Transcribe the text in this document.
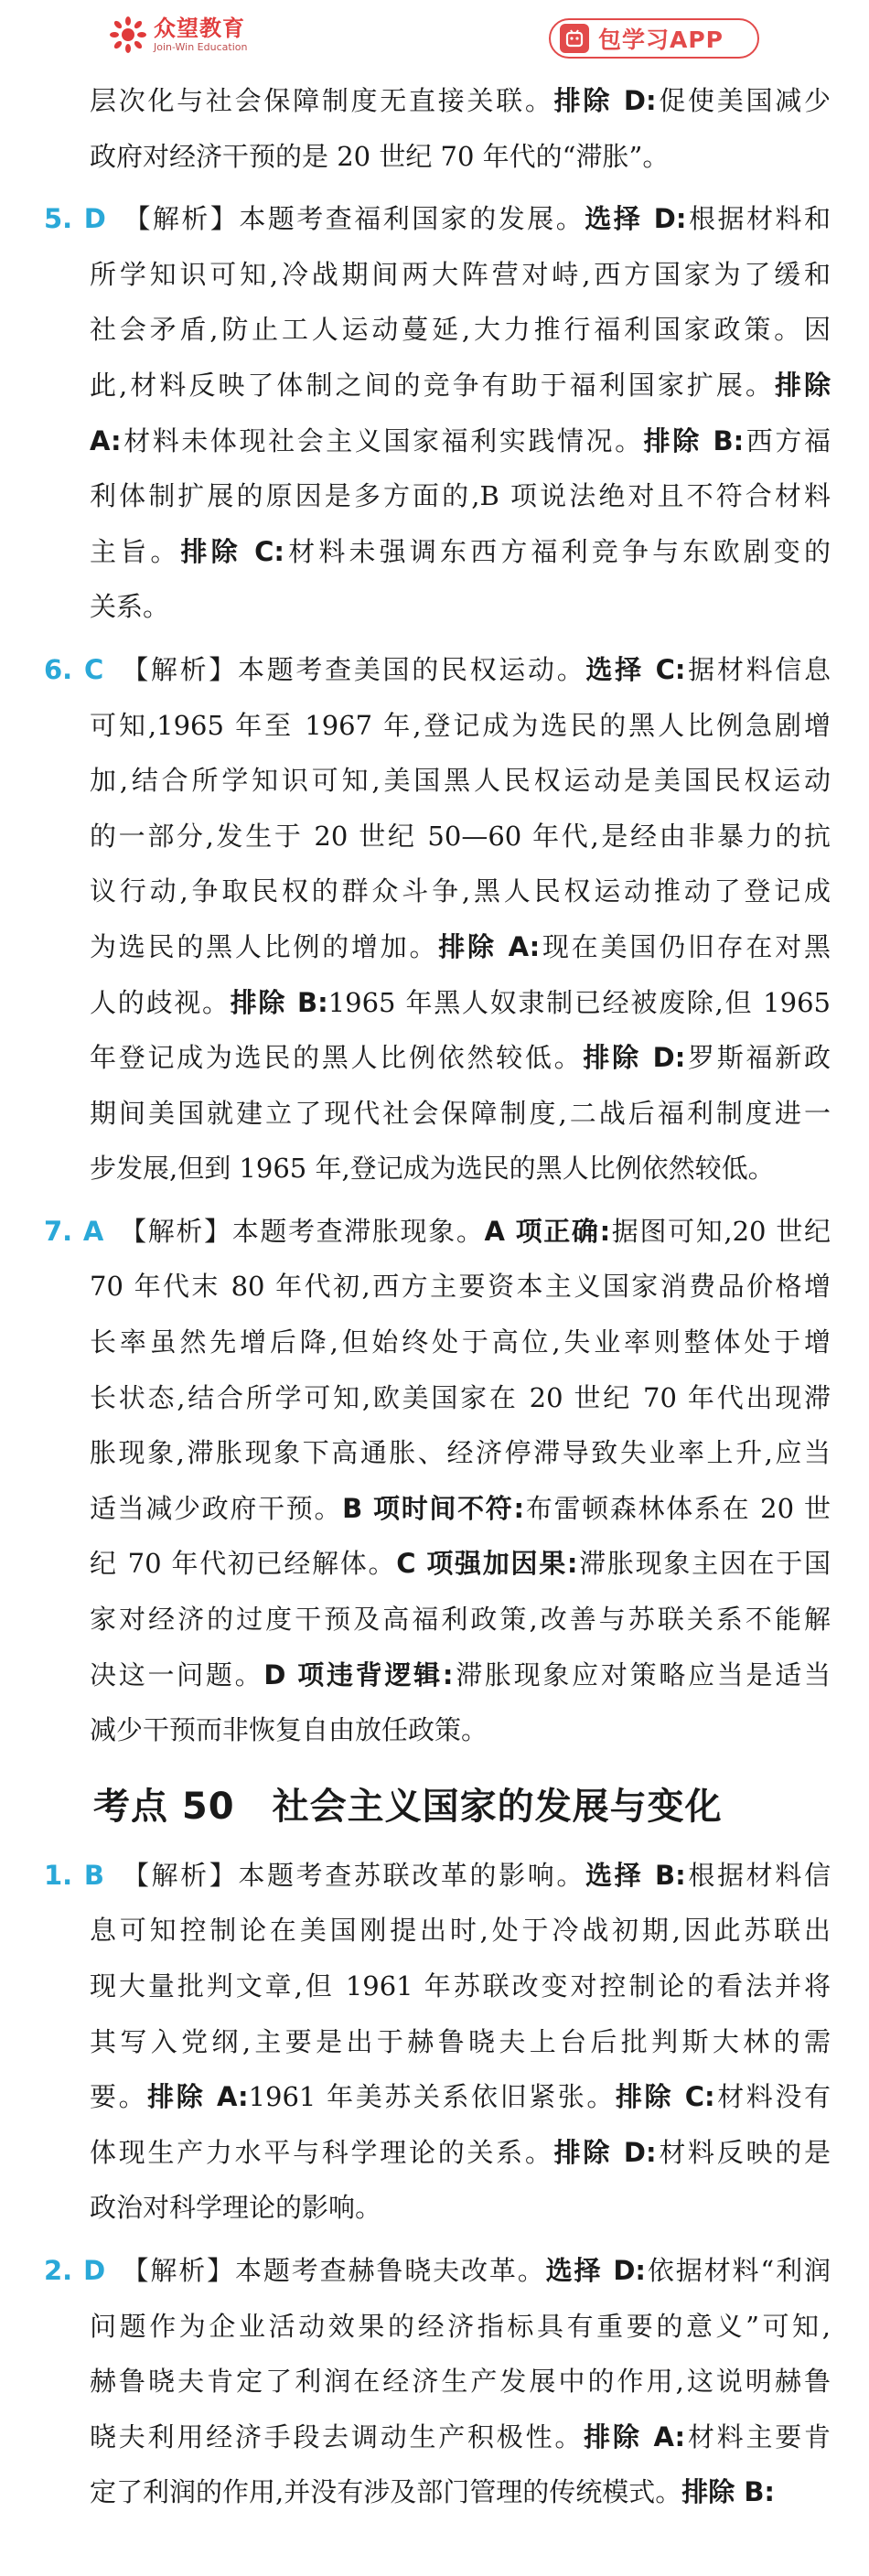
众望教育
Join-Win Education	包学习APP
层次化与社会保障制度无直接关联。排除 D:促使美国减少
政府对经济干预的是 20 世纪 70 年代的“滞胀”。
5. D　【解析】本题考查福利国家的发展。选择 D:根据材料和
所学知识可知,冷战期间两大阵营对峙,西方国家为了缓和
社会矛盾,防止工人运动蔓延,大力推行福利国家政策。因
此,材料反映了体制之间的竞争有助于福利国家扩展。排除
A:材料未体现社会主义国家福利实践情况。排除 B:西方福
利体制扩展的原因是多方面的,B 项说法绝对且不符合材料
主旨。排除 C:材料未强调东西方福利竞争与东欧剧变的
关系。
6. C　【解析】本题考查美国的民权运动。选择 C:据材料信息
可知,1965 年至 1967 年,登记成为选民的黑人比例急剧增
加,结合所学知识可知,美国黑人民权运动是美国民权运动
的一部分,发生于 20 世纪 50—60 年代,是经由非暴力的抗
议行动,争取民权的群众斗争,黑人民权运动推动了登记成
为选民的黑人比例的增加。排除 A:现在美国仍旧存在对黑
人的歧视。排除 B:1965 年黑人奴隶制已经被废除,但 1965
年登记成为选民的黑人比例依然较低。排除 D:罗斯福新政
期间美国就建立了现代社会保障制度,二战后福利制度进一
步发展,但到 1965 年,登记成为选民的黑人比例依然较低。
7. A　【解析】本题考查滞胀现象。A 项正确:据图可知,20 世纪
70 年代末 80 年代初,西方主要资本主义国家消费品价格增
长率虽然先增后降,但始终处于高位,失业率则整体处于增
长状态,结合所学可知,欧美国家在 20 世纪 70 年代出现滞
胀现象,滞胀现象下高通胀、经济停滞导致失业率上升,应当
适当减少政府干预。B 项时间不符:布雷顿森林体系在 20 世
纪 70 年代初已经解体。C 项强加因果:滞胀现象主因在于国
家对经济的过度干预及高福利政策,改善与苏联关系不能解
决这一问题。D 项违背逻辑:滞胀现象应对策略应当是适当
减少干预而非恢复自由放任政策。
考点 50　社会主义国家的发展与变化
1. B　【解析】本题考查苏联改革的影响。选择 B:根据材料信
息可知控制论在美国刚提出时,处于冷战初期,因此苏联出
现大量批判文章,但 1961 年苏联改变对控制论的看法并将
其写入党纲,主要是出于赫鲁晓夫上台后批判斯大林的需
要。排除 A:1961 年美苏关系依旧紧张。排除 C:材料没有
体现生产力水平与科学理论的关系。排除 D:材料反映的是
政治对科学理论的影响。
2. D　【解析】本题考查赫鲁晓夫改革。选择 D:依据材料“利润
问题作为企业活动效果的经济指标具有重要的意义”可知,
赫鲁晓夫肯定了利润在经济生产发展中的作用,这说明赫鲁
晓夫利用经济手段去调动生产积极性。排除 A:材料主要肯
定了利润的作用,并没有涉及部门管理的传统模式。排除 B:
